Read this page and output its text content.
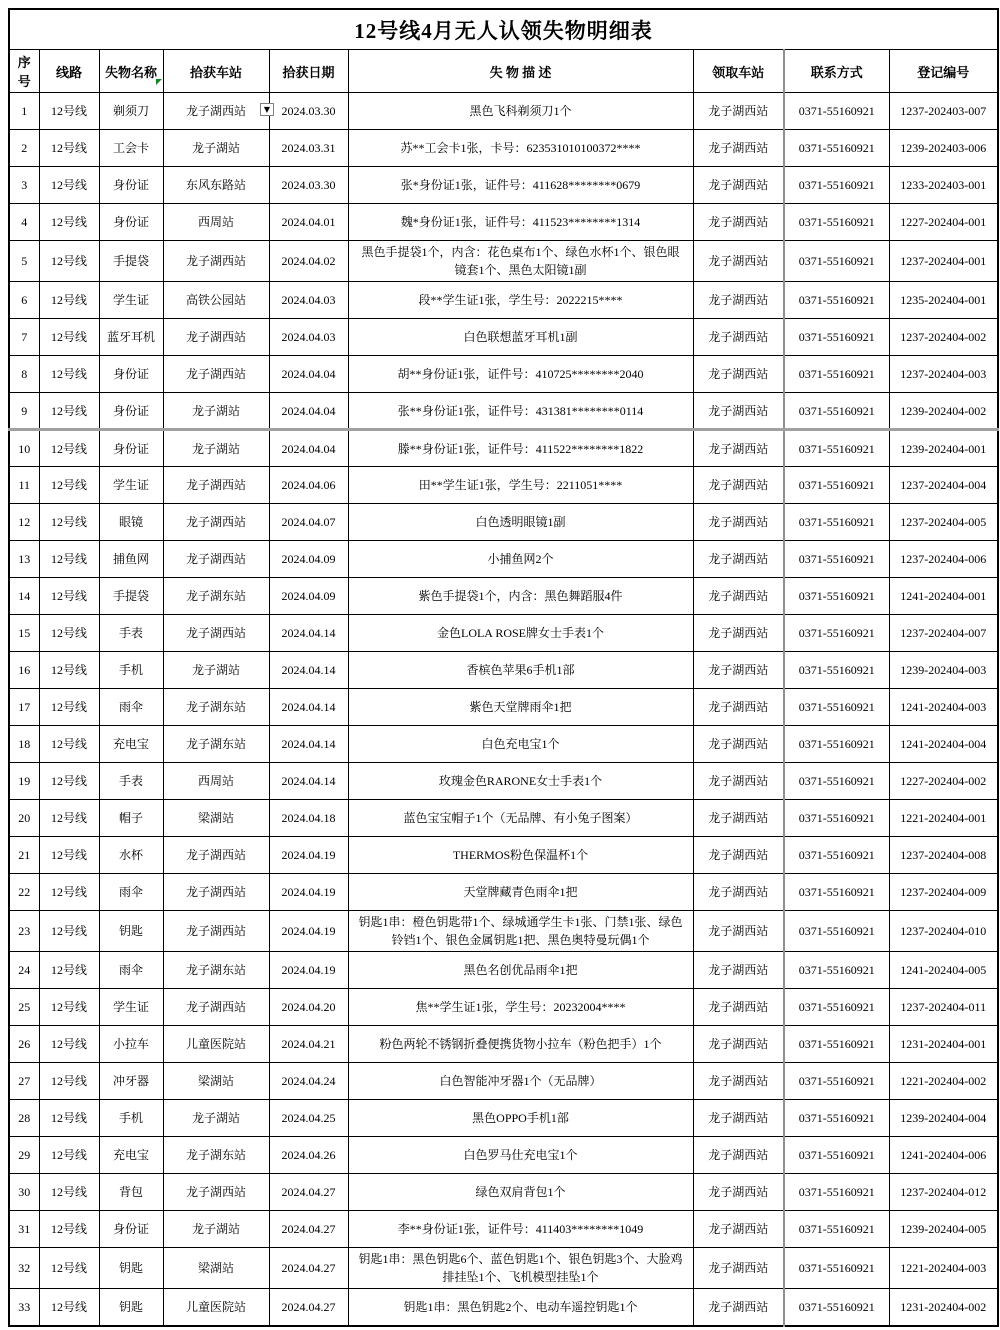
12号线4月无人认领失物明细表								
序号	线路	失物名称	拾获车站	拾获日期	失 物 描 述	领取车站	联系方式	登记编号
1	12号线	剃须刀	龙子湖西站	2024.03.30	黑色飞科剃须刀1个	龙子湖西站	0371-55160921	1237-202403-007
2	12号线	工会卡	龙子湖站	2024.03.31	苏**工会卡1张，卡号：623531010100372****	龙子湖西站	0371-55160921	1239-202403-006
3	12号线	身份证	东风东路站	2024.03.30	张*身份证1张，证件号：411628********0679	龙子湖西站	0371-55160921	1233-202403-001
4	12号线	身份证	西周站	2024.04.01	魏*身份证1张，证件号：411523********1314	龙子湖西站	0371-55160921	1227-202404-001
5	12号线	手提袋	龙子湖西站	2024.04.02	黑色手提袋1个，内含：花色桌布1个、绿色水杯1个、银色眼镜套1个、黑色太阳镜1副	龙子湖西站	0371-55160921	1237-202404-001
6	12号线	学生证	高铁公园站	2024.04.03	段**学生证1张，学生号：2022215****	龙子湖西站	0371-55160921	1235-202404-001
7	12号线	蓝牙耳机	龙子湖西站	2024.04.03	白色联想蓝牙耳机1副	龙子湖西站	0371-55160921	1237-202404-002
8	12号线	身份证	龙子湖西站	2024.04.04	胡**身份证1张，证件号：410725********2040	龙子湖西站	0371-55160921	1237-202404-003
9	12号线	身份证	龙子湖站	2024.04.04	张**身份证1张，证件号：431381********0114	龙子湖西站	0371-55160921	1239-202404-002
10	12号线	身份证	龙子湖站	2024.04.04	滕**身份证1张，证件号：411522********1822	龙子湖西站	0371-55160921	1239-202404-001
11	12号线	学生证	龙子湖西站	2024.04.06	田**学生证1张，学生号：2211051****	龙子湖西站	0371-55160921	1237-202404-004
12	12号线	眼镜	龙子湖西站	2024.04.07	白色透明眼镜1副	龙子湖西站	0371-55160921	1237-202404-005
13	12号线	捕鱼网	龙子湖西站	2024.04.09	小捕鱼网2个	龙子湖西站	0371-55160921	1237-202404-006
14	12号线	手提袋	龙子湖东站	2024.04.09	紫色手提袋1个，内含：黑色舞蹈服4件	龙子湖西站	0371-55160921	1241-202404-001
15	12号线	手表	龙子湖西站	2024.04.14	金色LOLA ROSE牌女士手表1个	龙子湖西站	0371-55160921	1237-202404-007
16	12号线	手机	龙子湖站	2024.04.14	香槟色苹果6手机1部	龙子湖西站	0371-55160921	1239-202404-003
17	12号线	雨伞	龙子湖东站	2024.04.14	紫色天堂牌雨伞1把	龙子湖西站	0371-55160921	1241-202404-003
18	12号线	充电宝	龙子湖东站	2024.04.14	白色充电宝1个	龙子湖西站	0371-55160921	1241-202404-004
19	12号线	手表	西周站	2024.04.14	玫瑰金色RARONE女士手表1个	龙子湖西站	0371-55160921	1227-202404-002
20	12号线	帽子	梁湖站	2024.04.18	蓝色宝宝帽子1个（无品牌、有小兔子图案）	龙子湖西站	0371-55160921	1221-202404-001
21	12号线	水杯	龙子湖西站	2024.04.19	THERMOS粉色保温杯1个	龙子湖西站	0371-55160921	1237-202404-008
22	12号线	雨伞	龙子湖西站	2024.04.19	天堂牌藏青色雨伞1把	龙子湖西站	0371-55160921	1237-202404-009
23	12号线	钥匙	龙子湖西站	2024.04.19	钥匙1串：橙色钥匙带1个、绿城通学生卡1张、门禁1张、绿色铃铛1个、银色金属钥匙1把、黑色奥特曼玩偶1个	龙子湖西站	0371-55160921	1237-202404-010
24	12号线	雨伞	龙子湖东站	2024.04.19	黑色名创优品雨伞1把	龙子湖西站	0371-55160921	1241-202404-005
25	12号线	学生证	龙子湖西站	2024.04.20	焦**学生证1张，学生号：20232004****	龙子湖西站	0371-55160921	1237-202404-011
26	12号线	小拉车	儿童医院站	2024.04.21	粉色两轮不锈钢折叠便携货物小拉车（粉色把手）1个	龙子湖西站	0371-55160921	1231-202404-001
27	12号线	冲牙器	梁湖站	2024.04.24	白色智能冲牙器1个（无品牌）	龙子湖西站	0371-55160921	1221-202404-002
28	12号线	手机	龙子湖站	2024.04.25	黑色OPPO手机1部	龙子湖西站	0371-55160921	1239-202404-004
29	12号线	充电宝	龙子湖东站	2024.04.26	白色罗马仕充电宝1个	龙子湖西站	0371-55160921	1241-202404-006
30	12号线	背包	龙子湖西站	2024.04.27	绿色双肩背包1个	龙子湖西站	0371-55160921	1237-202404-012
31	12号线	身份证	龙子湖站	2024.04.27	李**身份证1张，证件号：411403********1049	龙子湖西站	0371-55160921	1239-202404-005
32	12号线	钥匙	梁湖站	2024.04.27	钥匙1串：黑色钥匙6个、蓝色钥匙1个、银色钥匙3个、大脸鸡排挂坠1个、飞机模型挂坠1个	龙子湖西站	0371-55160921	1221-202404-003
33	12号线	钥匙	儿童医院站	2024.04.27	钥匙1串：黑色钥匙2个、电动车遥控钥匙1个	龙子湖西站	0371-55160921	1231-202404-002
▼
